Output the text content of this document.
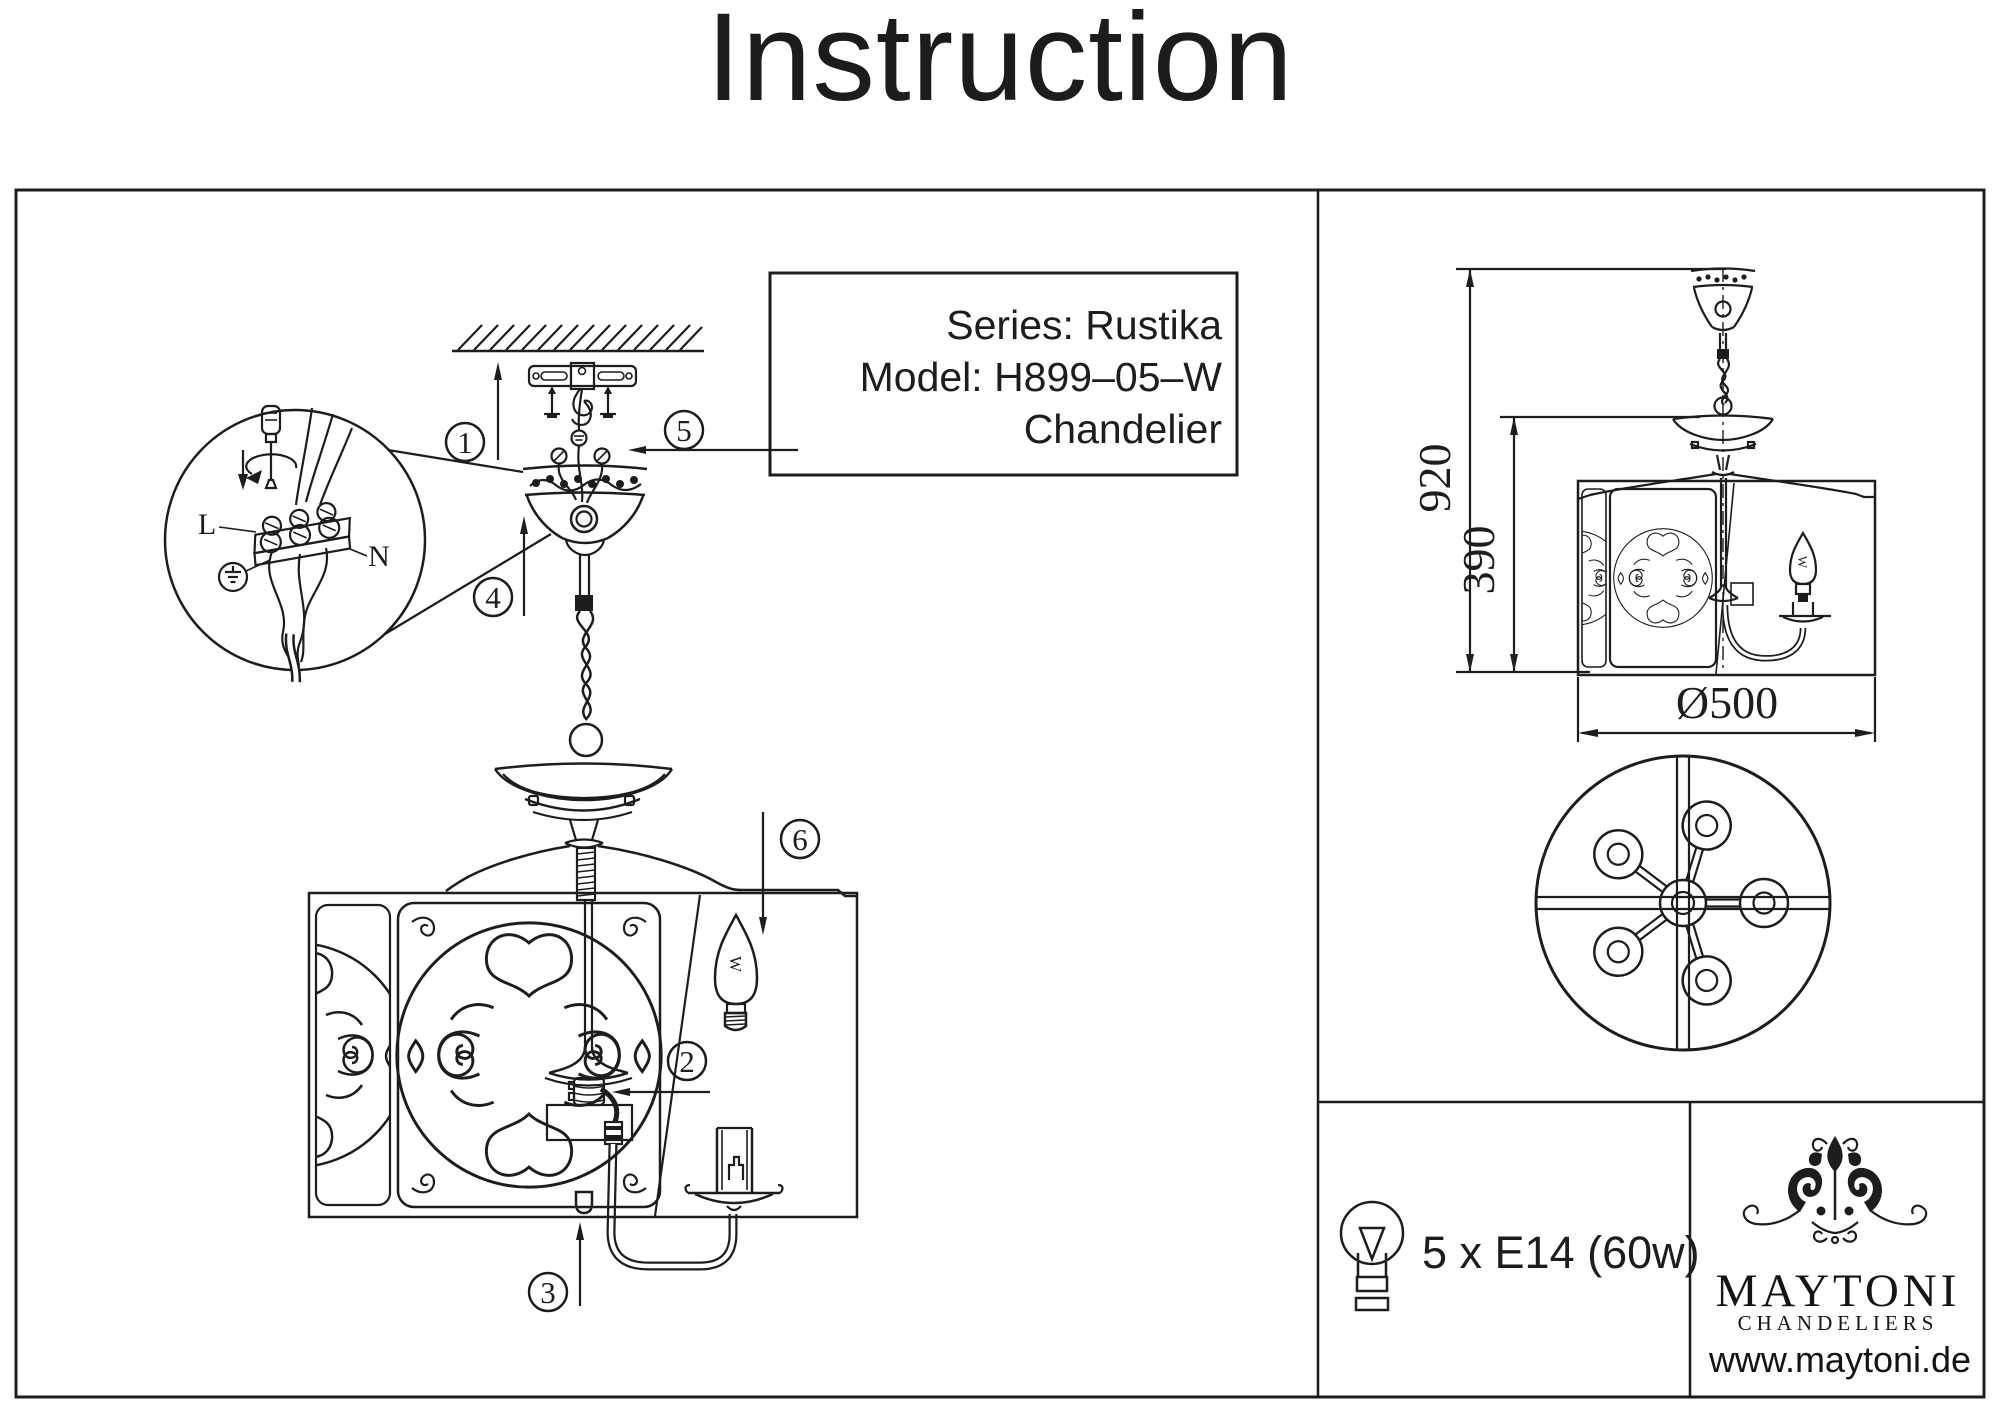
Instruction
Series: Rustika
Model: H899–05–W
Chandelier
W
L
N
1	5
4
6
2
3
920
390	W
Ø500
5 x E14 (60w)
MAYTONI
CHANDELIERS
www.maytoni.de
